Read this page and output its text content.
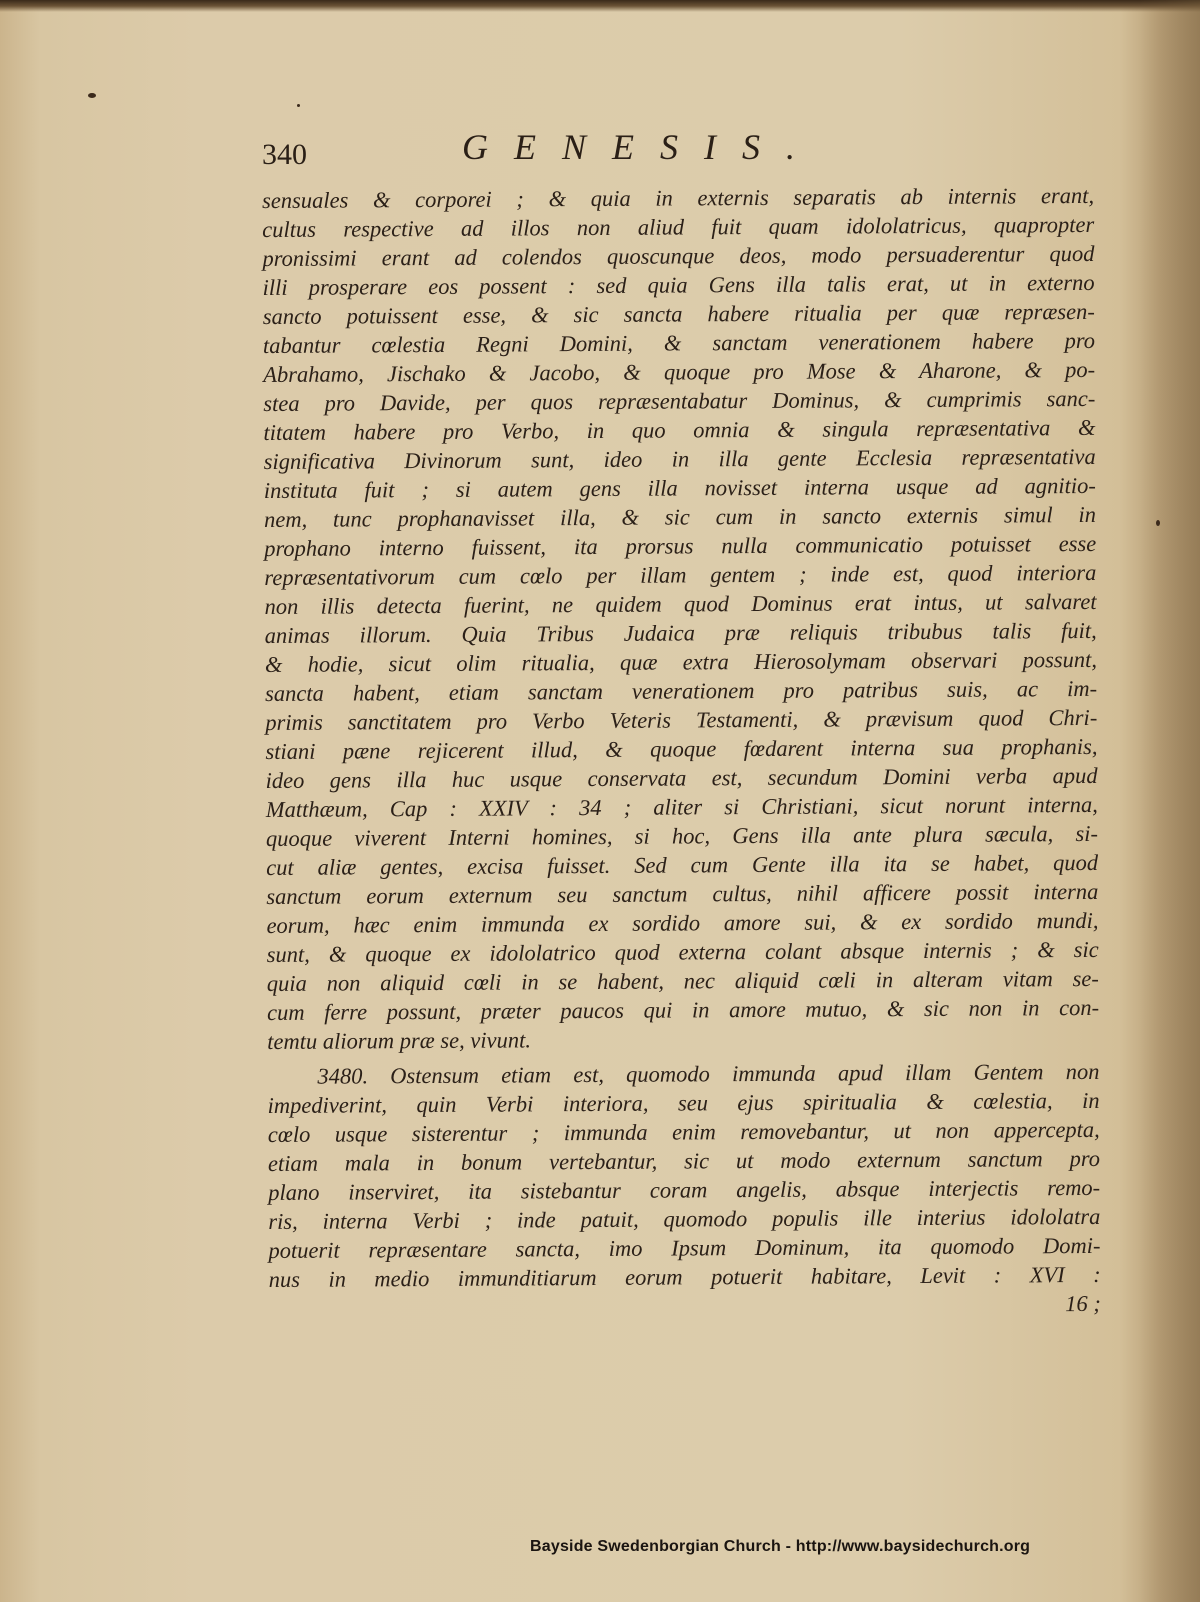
340	GENESIS.
sensuales & corporei ; & quia in externis separatis ab internis erant,
cultus respective ad illos non aliud fuit quam idololatricus, quapropter
pronissimi erant ad colendos quoscunque deos, modo persuaderentur quod
illi prosperare eos possent : sed quia Gens illa talis erat, ut in externo
sancto potuissent esse, & sic sancta habere ritualia per quæ repræsen-
tabantur cœlestia Regni Domini, & sanctam venerationem habere pro
Abrahamo, Jischako & Jacobo, & quoque pro Mose & Aharone, & po-
stea pro Davide, per quos repræsentabatur Dominus, & cumprimis sanc-
titatem habere pro Verbo, in quo omnia & singula repræsentativa &
significativa Divinorum sunt, ideo in illa gente Ecclesia repræsentativa
instituta fuit ; si autem gens illa novisset interna usque ad agnitio-
nem, tunc prophanavisset illa, & sic cum in sancto externis simul in
prophano interno fuissent, ita prorsus nulla communicatio potuisset esse
repræsentativorum cum cœlo per illam gentem ; inde est, quod interiora
non illis detecta fuerint, ne quidem quod Dominus erat intus, ut salvaret
animas illorum. Quia Tribus Judaica præ reliquis tribubus talis fuit,
& hodie, sicut olim ritualia, quæ extra Hierosolymam observari possunt,
sancta habent, etiam sanctam venerationem pro patribus suis, ac im-
primis sanctitatem pro Verbo Veteris Testamenti, & prævisum quod Chri-
stiani pæne rejicerent illud, & quoque fœdarent interna sua prophanis,
ideo gens illa huc usque conservata est, secundum Domini verba apud
Matthæum, Cap : XXIV : 34 ; aliter si Christiani, sicut norunt interna,
quoque viverent Interni homines, si hoc, Gens illa ante plura sæcula, si-
cut aliæ gentes, excisa fuisset. Sed cum Gente illa ita se habet, quod
sanctum eorum externum seu sanctum cultus, nihil afficere possit interna
eorum, hæc enim immunda ex sordido amore sui, & ex sordido mundi,
sunt, & quoque ex idololatrico quod externa colant absque internis ; & sic
quia non aliquid cœli in se habent, nec aliquid cœli in alteram vitam se-
cum ferre possunt, præter paucos qui in amore mutuo, & sic non in con-
temtu aliorum præ se, vivunt.
3480. Ostensum etiam est, quomodo immunda apud illam Gentem non
impediverint, quin Verbi interiora, seu ejus spiritualia & cœlestia, in
cœlo usque sisterentur ; immunda enim removebantur, ut non appercepta,
etiam mala in bonum vertebantur, sic ut modo externum sanctum pro
plano inserviret, ita sistebantur coram angelis, absque interjectis remo-
ris, interna Verbi ; inde patuit, quomodo populis ille interius idololatra
potuerit repræsentare sancta, imo Ipsum Dominum, ita quomodo Domi-
nus in medio immunditiarum eorum potuerit habitare, Levit : XVI :
16 ;
Bayside Swedenborgian Church - http://www.baysidechurch.org
